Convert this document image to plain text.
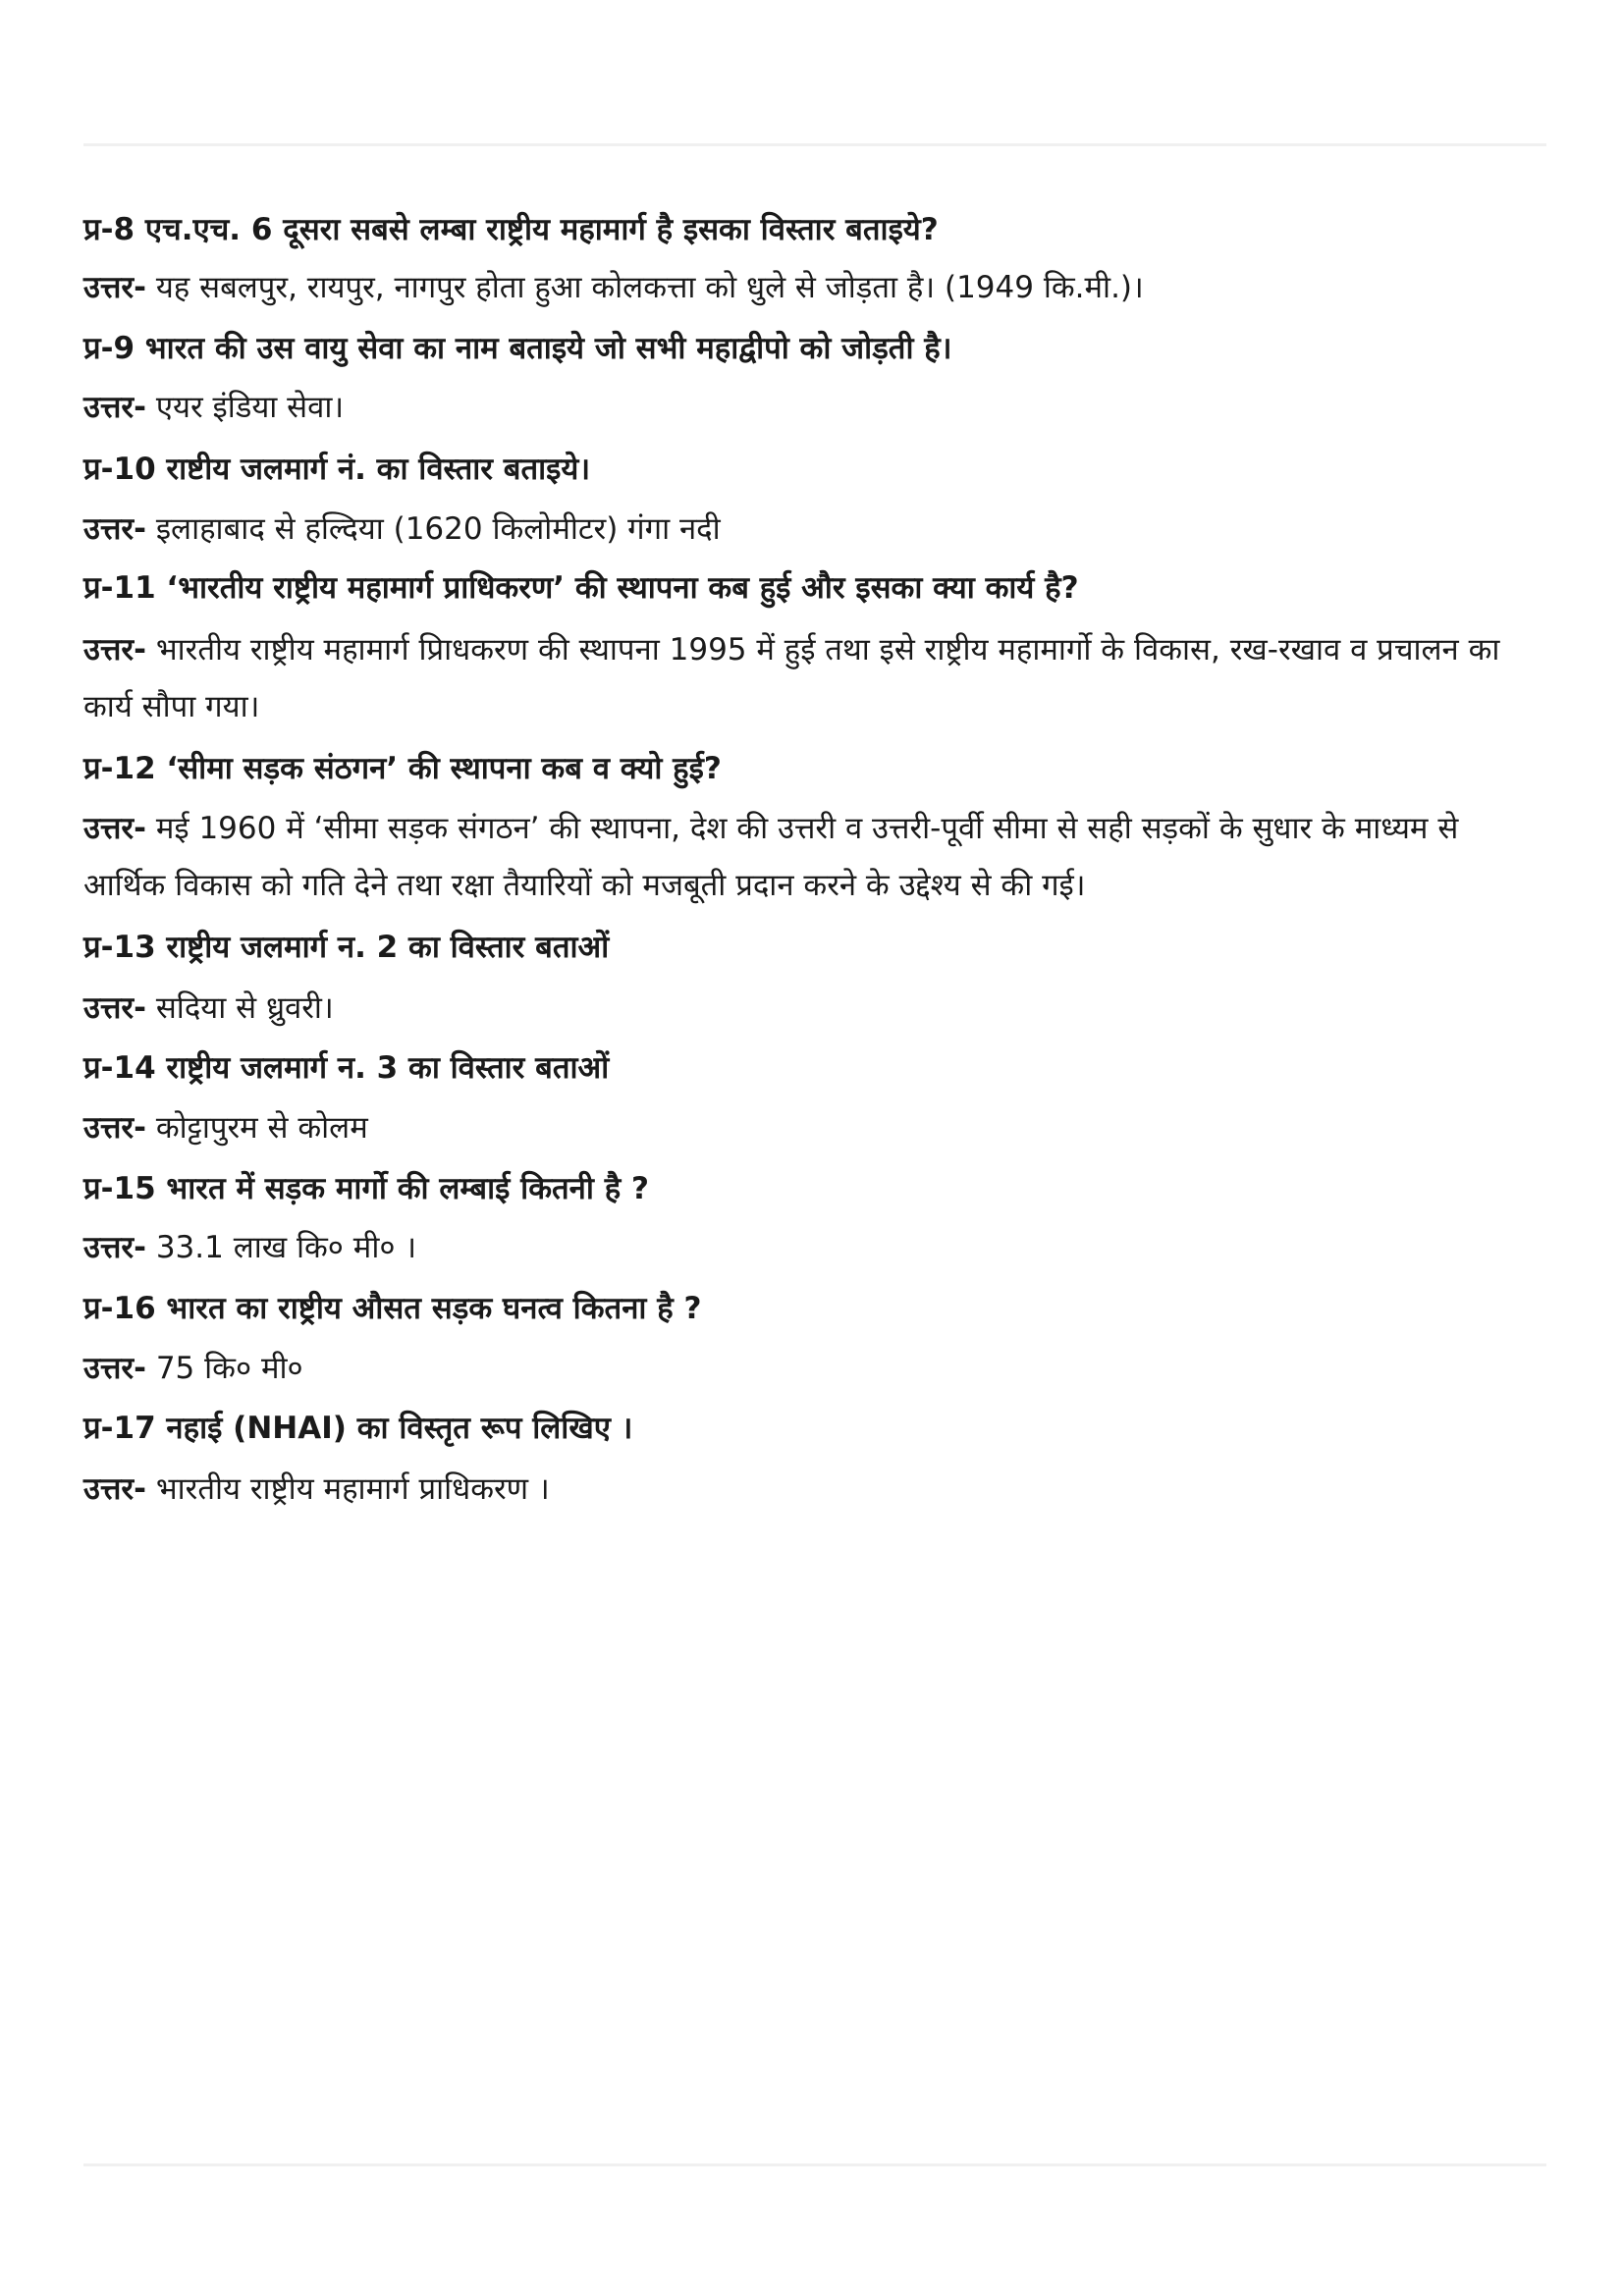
प्र-8 एच.एच. 6 दूसरा सबसे लम्बा राष्ट्रीय महामार्ग है इसका विस्तार बताइये?
उत्तर- यह सबलपुर, रायपुर, नागपुर होता हुआ कोलकत्ता को धुले से जोड़ता है। (1949 कि.मी.)।
प्र-9 भारत की उस वायु सेवा का नाम बताइये जो सभी महाद्वीपो को जोड़ती है।
उत्तर- एयर इंडिया सेवा।
प्र-10 राष्टीय जलमार्ग नं. का विस्तार बताइये।
उत्तर- इलाहाबाद से हल्दिया (1620 किलोमीटर) गंगा नदी
प्र-11 ‘भारतीय राष्ट्रीय महामार्ग प्राधिकरण’ की स्थापना कब हुई और इसका क्या कार्य है?
उत्तर- भारतीय राष्ट्रीय महामार्ग प्रिाधकरण की स्थापना 1995 में हुई तथा इसे राष्ट्रीय महामार्गो के विकास, रख-रखाव व प्रचालन का कार्य सौपा गया।
प्र-12 ‘सीमा सड़क संठगन’ की स्थापना कब व क्यो हुई?
उत्तर- मई 1960 में ‘सीमा सड़क संगठन’ की स्थापना, देश की उत्तरी व उत्तरी-पूर्वी सीमा से सही सड़कों के सुधार के माध्यम से आर्थिक विकास को गति देने तथा रक्षा तैयारियों को मजबूती प्रदान करने के उद्देश्य से की गई।
प्र-13 राष्ट्रीय जलमार्ग न. 2 का विस्तार बताओं
उत्तर- सदिया से ध्रुवरी।
प्र-14 राष्ट्रीय जलमार्ग न. 3 का विस्तार बताओं
उत्तर- कोट्टापुरम से कोलम
प्र-15 भारत में सड़क मार्गो की लम्बाई कितनी है ?
उत्तर- 33.1 लाख कि० मी० ।
प्र-16 भारत का राष्ट्रीय औसत सड़क घनत्व कितना है ?
उत्तर- 75 कि० मी०
प्र-17 नहाई (NHAI) का विस्तृत रूप लिखिए ।
उत्तर- भारतीय राष्ट्रीय महामार्ग प्राधिकरण ।
